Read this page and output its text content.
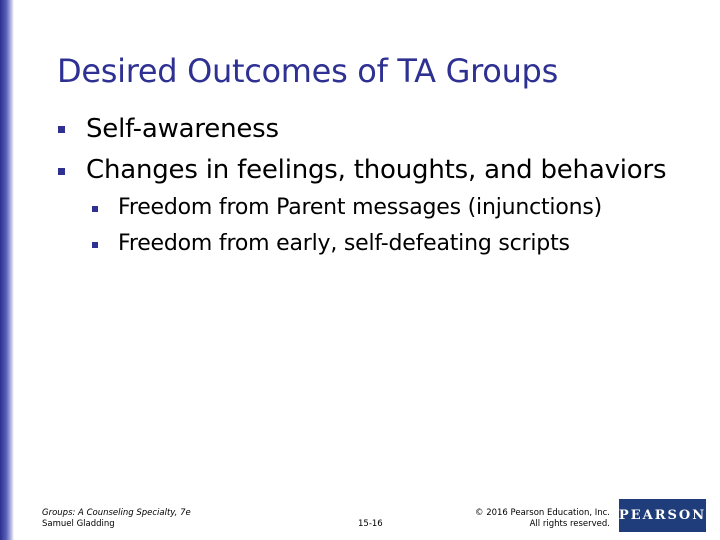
Desired Outcomes of TA Groups
Self-awareness
Changes in feelings, thoughts, and behaviors
Freedom from Parent messages (injunctions)
Freedom from early, self-defeating scripts
Groups: A Counseling Specialty, 7e
Samuel Gladding	15-16
© 2016 Pearson Education, Inc.
All rights reserved.
PEARSON
